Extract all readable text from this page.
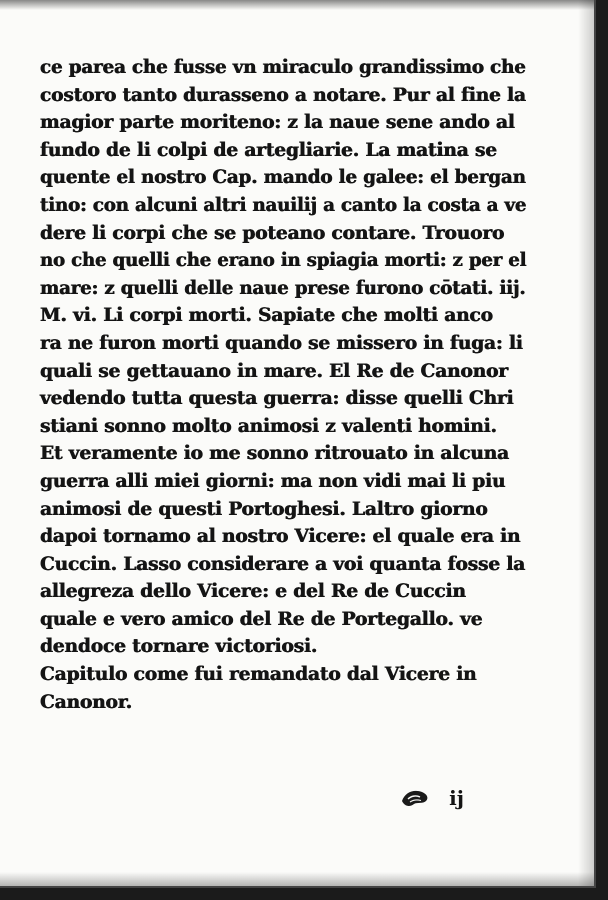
ce parea che fusse vn miraculo grandissimo che
costoro tanto durasseno a notare. Pur al fine la
magior parte moriteno: z la naue sene ando al
fundo de li colpi de artegliarie. La matina se
quente el nostro Cap. mando le galee: el bergan
tino: con alcuni altri nauilij a canto la costa a ve
dere li corpi che se poteano contare. Trouoro
no che quelli che erano in spiagia morti: z per el
mare: z quelli delle naue prese furono cōtati. iij.
M. vi. Li corpi morti. Sapiate che molti anco
ra ne furon morti quando se missero in fuga: li
quali se gettauano in mare. El Re de Canonor
vedendo tutta questa guerra: disse quelli Chri
stiani sonno molto animosi z valenti homini.
Et veramente io me sonno ritrouato in alcuna
guerra alli miei giorni: ma non vidi mai li piu
animosi de questi Portoghesi. Laltro giorno
dapoi tornamo al nostro Vicere: el quale era in
Cuccin. Lasso considerare a voi quanta fosse la
allegreza dello Vicere: e del Re de Cuccin
quale e vero amico del Re de Portegallo. ve
dendoce tornare victoriosi.
Capitulo come fui remandato dal Vicere in
Canonor.
ij
